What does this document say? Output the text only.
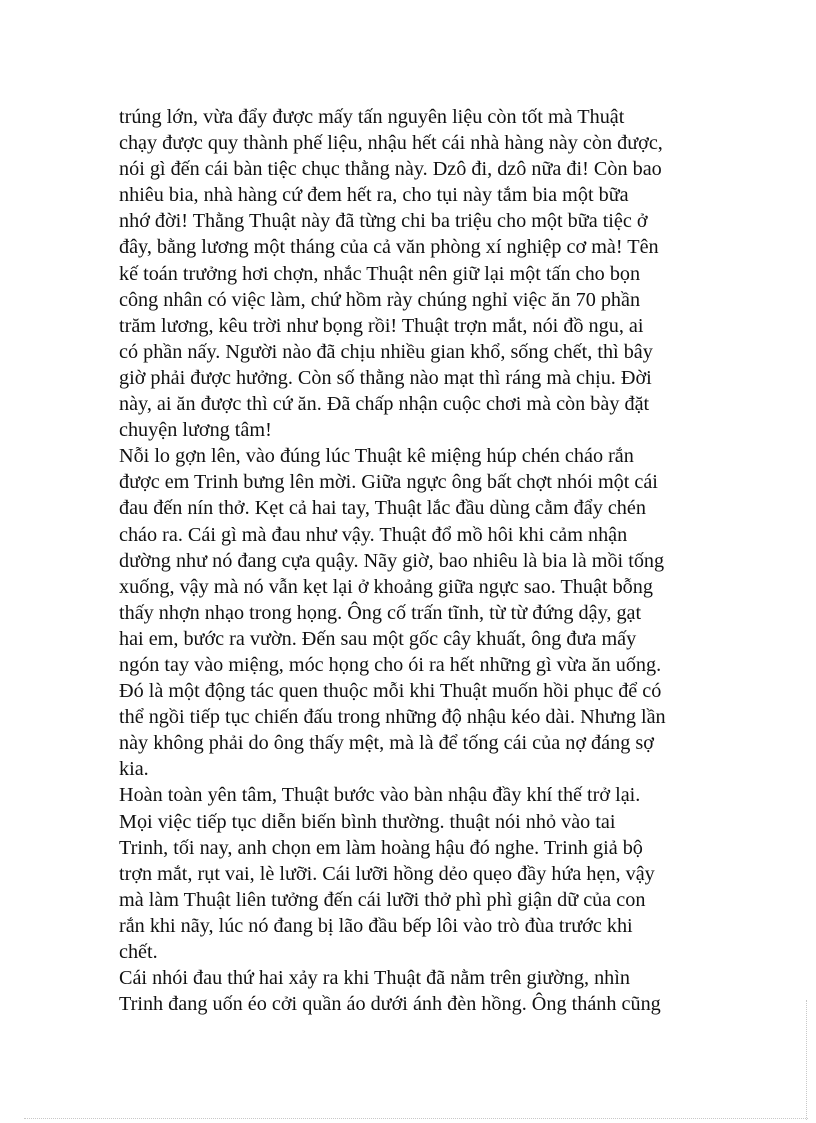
trúng lớn, vừa đẩy được mấy tấn nguyên liệu còn tốt mà Thuật
chạy được quy thành phế liệu, nhậu hết cái nhà hàng này còn được,
nói gì đến cái bàn tiệc chục thằng này. Dzô đi, dzô nữa đi! Còn bao
nhiêu bia, nhà hàng cứ đem hết ra, cho tụi này tắm bia một bữa
nhớ đời! Thằng Thuật này đã từng chi ba triệu cho một bữa tiệc ở
đây, bằng lương một tháng của cả văn phòng xí nghiệp cơ mà! Tên
kế toán trưởng hơi chợn, nhắc Thuật nên giữ lại một tấn cho bọn
công nhân có việc làm, chứ hồm rày chúng nghỉ việc ăn 70 phần
trăm lương, kêu trời như bọng rồi! Thuật trợn mắt, nói đồ ngu, ai
có phần nấy. Người nào đã chịu nhiều gian khổ, sống chết, thì bây
giờ phải được hưởng. Còn số thằng nào mạt thì ráng mà chịu. Đời
này, ai ăn được thì cứ ăn. Đã chấp nhận cuộc chơi mà còn bày đặt
chuyện lương tâm!
Nỗi lo gợn lên, vào đúng lúc Thuật kê miệng húp chén cháo rắn
được em Trinh bưng lên mời. Giữa ngực ông bất chợt nhói một cái
đau đến nín thở. Kẹt cả hai tay, Thuật lắc đầu dùng cằm đẩy chén
cháo ra. Cái gì mà đau như vậy. Thuật đổ mồ hôi khi cảm nhận
dường như nó đang cựa quậy. Nãy giờ, bao nhiêu là bia là mồi tống
xuống, vậy mà nó vẫn kẹt lại ở khoảng giữa ngực sao. Thuật bỗng
thấy nhợn nhạo trong họng. Ông cố trấn tĩnh, từ từ đứng dậy, gạt
hai em, bước ra vườn. Đến sau một gốc cây khuất, ông đưa mấy
ngón tay vào miệng, móc họng cho ói ra hết những gì vừa ăn uống.
Đó là một động tác quen thuộc mỗi khi Thuật muốn hồi phục để có
thể ngồi tiếp tục chiến đấu trong những độ nhậu kéo dài. Nhưng lần
này không phải do ông thấy mệt, mà là để tống cái của nợ đáng sợ
kia.
Hoàn toàn yên tâm, Thuật bước vào bàn nhậu đầy khí thế trở lại.
Mọi việc tiếp tục diễn biến bình thường. thuật nói nhỏ vào tai
Trinh, tối nay, anh chọn em làm hoàng hậu đó nghe. Trinh giả bộ
trợn mắt, rụt vai, lè lưỡi. Cái lưỡi hồng dẻo quẹo đầy hứa hẹn, vậy
mà làm Thuật liên tưởng đến cái lưỡi thở phì phì giận dữ của con
rắn khi nãy, lúc nó đang bị lão đầu bếp lôi vào trò đùa trước khi
chết.
Cái nhói đau thứ hai xảy ra khi Thuật đã nằm trên giường, nhìn
Trinh đang uốn éo cởi quần áo dưới ánh đèn hồng. Ông thánh cũng
